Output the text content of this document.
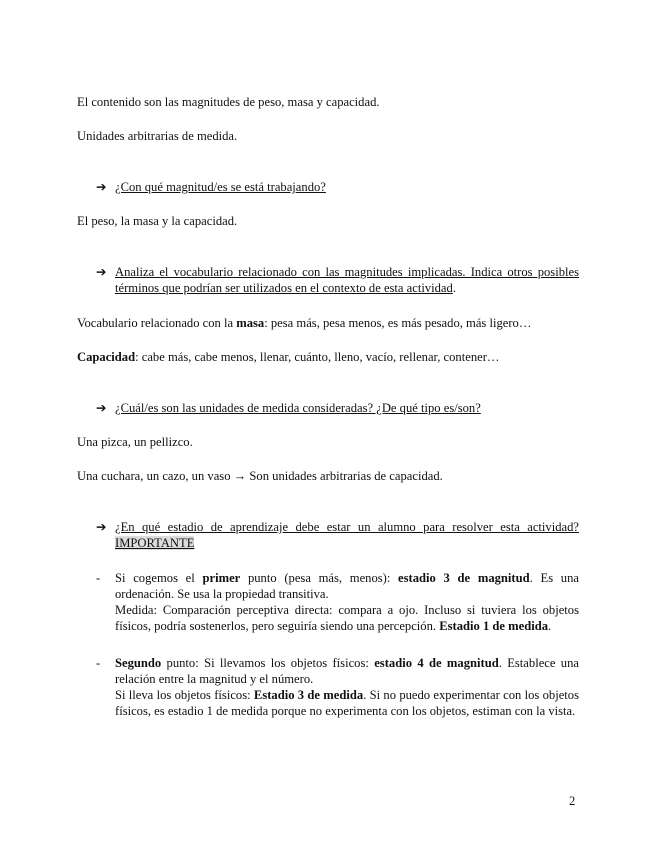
El contenido son las magnitudes de peso, masa y capacidad.

Unidades arbitrarias de medida.

➔ ¿Con qué magnitud/es se está trabajando?

El peso, la masa y la capacidad.

➔ Analiza el vocabulario relacionado con las magnitudes implicadas. Indica otros posibles términos que podrían ser utilizados en el contexto de esta actividad.

Vocabulario relacionado con la masa: pesa más, pesa menos, es más pesado, más ligero…

Capacidad: cabe más, cabe menos, llenar, cuánto, lleno, vacío, rellenar, contener…

➔ ¿Cuál/es son las unidades de medida consideradas? ¿De qué tipo es/son?

Una pizca, un pellizco.

Una cuchara, un cazo, un vaso → Son unidades arbitrarias de capacidad.

➔ ¿En qué estadio de aprendizaje debe estar un alumno para resolver esta actividad? IMPORTANTE
- Si cogemos el primer punto (pesa más, menos): estadio 3 de magnitud. Es una ordenación. Se usa la propiedad transitiva.
Medida: Comparación perceptiva directa: compara a ojo. Incluso si tuviera los objetos físicos, podría sostenerlos, pero seguiría siendo una percepción. Estadio 1 de medida.
- Segundo punto: Si llevamos los objetos físicos: estadio 4 de magnitud. Establece una relación entre la magnitud y el número.
Si lleva los objetos físicos: Estadio 3 de medida. Si no puedo experimentar con los objetos físicos, es estadio 1 de medida porque no experimenta con los objetos, estiman con la vista.
2
